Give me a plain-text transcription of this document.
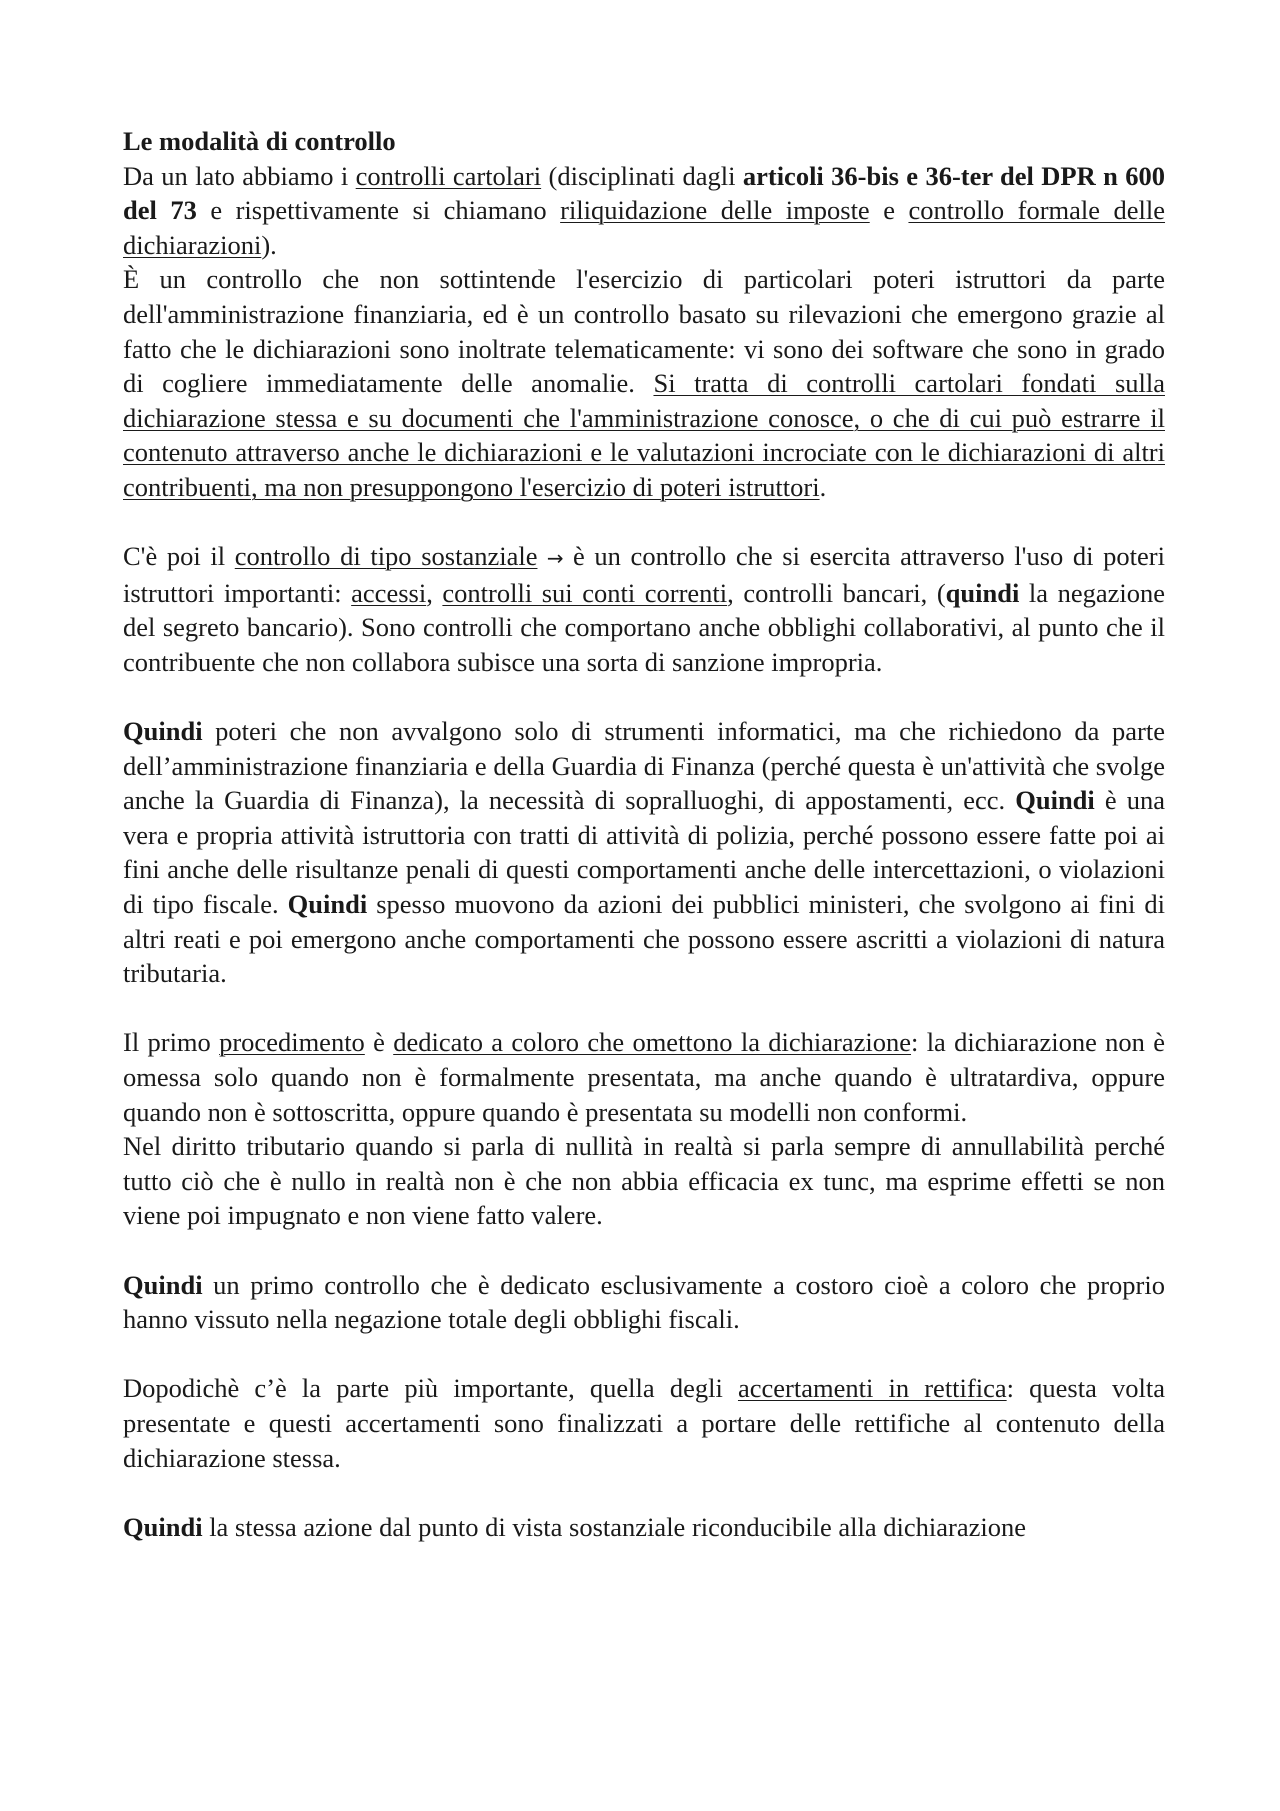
Le modalità di controllo

Da un lato abbiamo i controlli cartolari (disciplinati dagli articoli 36-bis e 36-ter del DPR n 600 del 73 e rispettivamente si chiamano riliquidazione delle imposte e controllo formale delle dichiarazioni).

È un controllo che non sottintende l'esercizio di particolari poteri istruttori da parte dell'amministrazione finanziaria, ed è un controllo basato su rilevazioni che emergono grazie al fatto che le dichiarazioni sono inoltrate telematicamente: vi sono dei software che sono in grado di cogliere immediatamente delle anomalie. Si tratta di controlli cartolari fondati sulla dichiarazione stessa e su documenti che l'amministrazione conosce, o che di cui può estrarre il contenuto attraverso anche le dichiarazioni e le valutazioni incrociate con le dichiarazioni di altri contribuenti, ma non presuppongono l'esercizio di poteri istruttori.

C'è poi il controllo di tipo sostanziale → è un controllo che si esercita attraverso l'uso di poteri istruttori importanti: accessi, controlli sui conti correnti, controlli bancari, (quindi la negazione del segreto bancario). Sono controlli che comportano anche obblighi collaborativi, al punto che il contribuente che non collabora subisce una sorta di sanzione impropria.

Quindi poteri che non avvalgono solo di strumenti informatici, ma che richiedono da parte dell’amministrazione finanziaria e della Guardia di Finanza (perché questa è un'attività che svolge anche la Guardia di Finanza), la necessità di sopralluoghi, di appostamenti, ecc. Quindi è una vera e propria attività istruttoria con tratti di attività di polizia, perché possono essere fatte poi ai fini anche delle risultanze penali di questi comportamenti anche delle intercettazioni, o violazioni di tipo fiscale. Quindi spesso muovono da azioni dei pubblici ministeri, che svolgono ai fini di altri reati e poi emergono anche comportamenti che possono essere ascritti a violazioni di natura tributaria.

Il primo procedimento è dedicato a coloro che omettono la dichiarazione: la dichiarazione non è omessa solo quando non è formalmente presentata, ma anche quando è ultratardiva, oppure quando non è sottoscritta, oppure quando è presentata su modelli non conformi.

Nel diritto tributario quando si parla di nullità in realtà si parla sempre di annullabilità perché tutto ciò che è nullo in realtà non è che non abbia efficacia ex tunc, ma esprime effetti se non viene poi impugnato e non viene fatto valere.

Quindi un primo controllo che è dedicato esclusivamente a costoro cioè a coloro che proprio hanno vissuto nella negazione totale degli obblighi fiscali.

Dopodichè c’è la parte più importante, quella degli accertamenti in rettifica: questa volta presentate e questi accertamenti sono finalizzati a portare delle rettifiche al contenuto della dichiarazione stessa.

Quindi la stessa azione dal punto di vista sostanziale riconducibile alla dichiarazione
